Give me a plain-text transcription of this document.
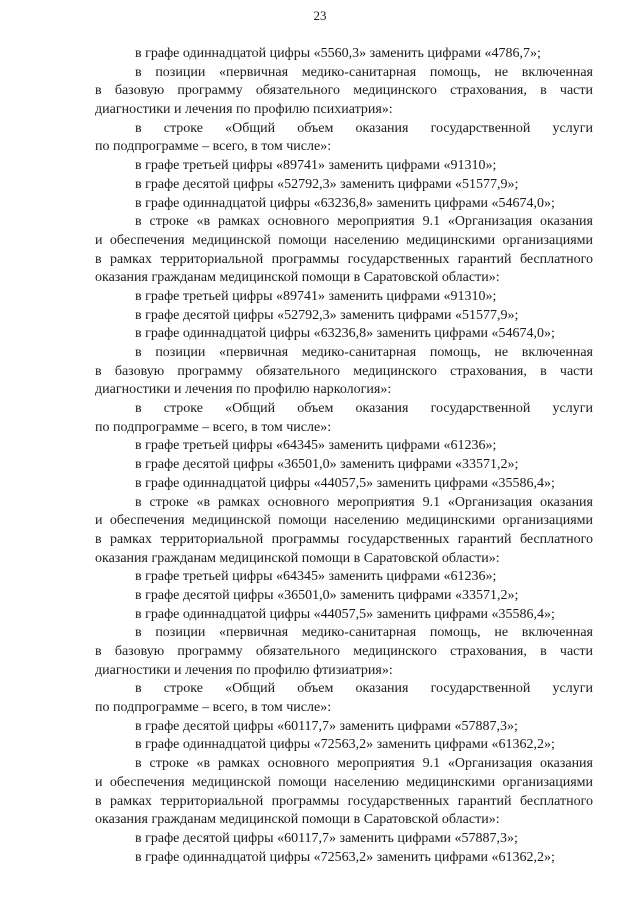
23
в графе одиннадцатой цифры «5560,3» заменить цифрами «4786,7»;
в позиции «первичная медико-санитарная помощь, не включенная
в базовую программу обязательного медицинского страхования, в части
диагностики и лечения по профилю психиатрия»:
в строке «Общий объем оказания государственной услуги
по подпрограмме – всего, в том числе»:
в графе третьей цифры «89741» заменить цифрами «91310»;
в графе десятой цифры «52792,3» заменить цифрами «51577,9»;
в графе одиннадцатой цифры «63236,8» заменить цифрами «54674,0»;
в строке «в рамках основного мероприятия 9.1 «Организация оказания
и обеспечения медицинской помощи населению медицинскими организациями
в рамках территориальной программы государственных гарантий бесплатного
оказания гражданам медицинской помощи в Саратовской области»:
в графе третьей цифры «89741» заменить цифрами «91310»;
в графе десятой цифры «52792,3» заменить цифрами «51577,9»;
в графе одиннадцатой цифры «63236,8» заменить цифрами «54674,0»;
в позиции «первичная медико-санитарная помощь, не включенная
в базовую программу обязательного медицинского страхования, в части
диагностики и лечения по профилю наркология»:
в строке «Общий объем оказания государственной услуги
по подпрограмме – всего, в том числе»:
в графе третьей цифры «64345» заменить цифрами «61236»;
в графе десятой цифры «36501,0» заменить цифрами «33571,2»;
в графе одиннадцатой цифры «44057,5» заменить цифрами «35586,4»;
в строке «в рамках основного мероприятия 9.1 «Организация оказания
и обеспечения медицинской помощи населению медицинскими организациями
в рамках территориальной программы государственных гарантий бесплатного
оказания гражданам медицинской помощи в Саратовской области»:
в графе третьей цифры «64345» заменить цифрами «61236»;
в графе десятой цифры «36501,0» заменить цифрами «33571,2»;
в графе одиннадцатой цифры «44057,5» заменить цифрами «35586,4»;
в позиции «первичная медико-санитарная помощь, не включенная
в базовую программу обязательного медицинского страхования, в части
диагностики и лечения по профилю фтизиатрия»:
в строке «Общий объем оказания государственной услуги
по подпрограмме – всего, в том числе»:
в графе десятой цифры «60117,7» заменить цифрами «57887,3»;
в графе одиннадцатой цифры «72563,2» заменить цифрами «61362,2»;
в строке «в рамках основного мероприятия 9.1 «Организация оказания
и обеспечения медицинской помощи населению медицинскими организациями
в рамках территориальной программы государственных гарантий бесплатного
оказания гражданам медицинской помощи в Саратовской области»:
в графе десятой цифры «60117,7» заменить цифрами «57887,3»;
в графе одиннадцатой цифры «72563,2» заменить цифрами «61362,2»;
